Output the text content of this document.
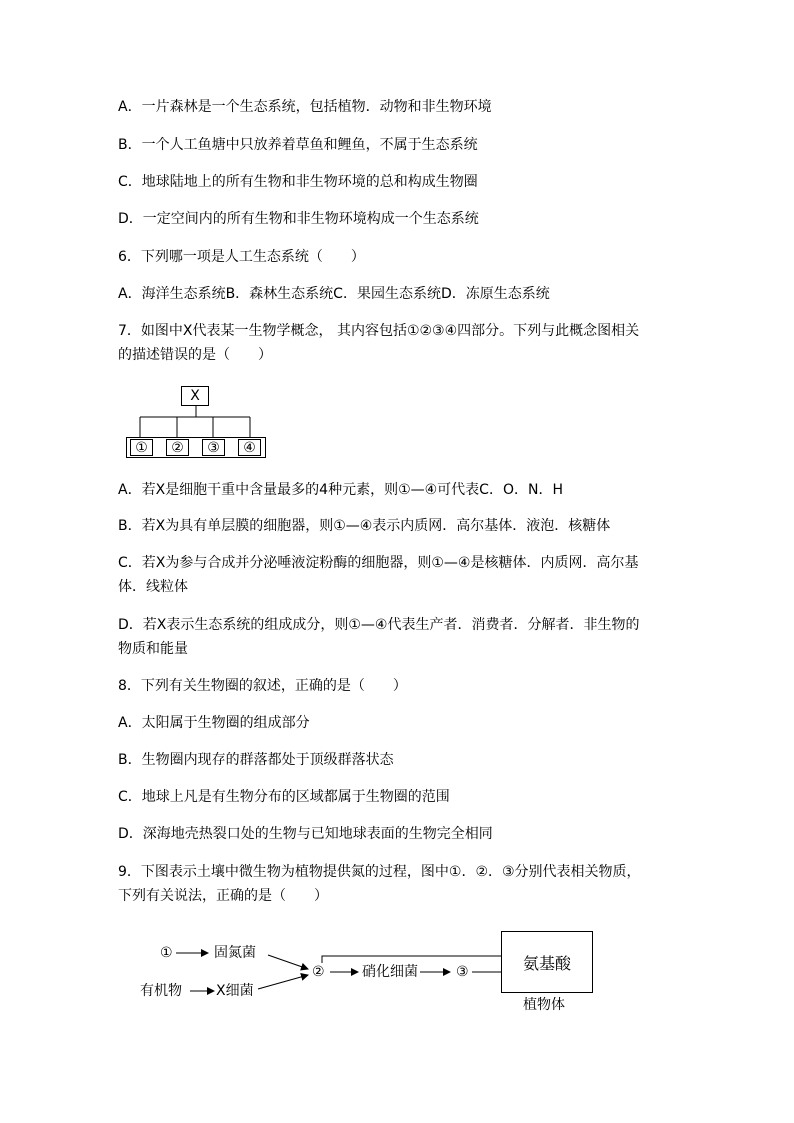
A．一片森林是一个生态系统，包括植物．动物和非生物环境
B．一个人工鱼塘中只放养着草鱼和鲤鱼，不属于生态系统
C．地球陆地上的所有生物和非生物环境的总和构成生物圈
D．一定空间内的所有生物和非生物环境构成一个生态系统
6．下列哪一项是人工生态系统（　　）
A．海洋生态系统B．森林生态系统C．果园生态系统D．冻原生态系统
7．如图中X代表某一生物学概念， 其内容包括①②③④四部分。下列与此概念图相关
的描述错误的是（　　）
X
①	②	③	④
A．若X是细胞干重中含量最多的4种元素，则①—④可代表C．O．N．H
B．若X为具有单层膜的细胞器，则①—④表示内质网．高尔基体．液泡．核糖体
C．若X为参与合成并分泌唾液淀粉酶的细胞器，则①—④是核糖体．内质网．高尔基
体．线粒体
D．若X表示生态系统的组成成分，则①—④代表生产者．消费者．分解者．非生物的
物质和能量
8．下列有关生物圈的叙述，正确的是（　　）
A．太阳属于生物圈的组成部分
B．生物圈内现存的群落都处于顶级群落状态
C．地球上凡是有生物分布的区域都属于生物圈的范围
D．深海地壳热裂口处的生物与已知地球表面的生物完全相同
9．下图表示土壤中微生物为植物提供氮的过程，图中①．②．③分别代表相关物质，
下列有关说法，正确的是（　　）
①	固氮菌
有机物 X细菌
②	硝化细菌	③	氨基酸
植物体
